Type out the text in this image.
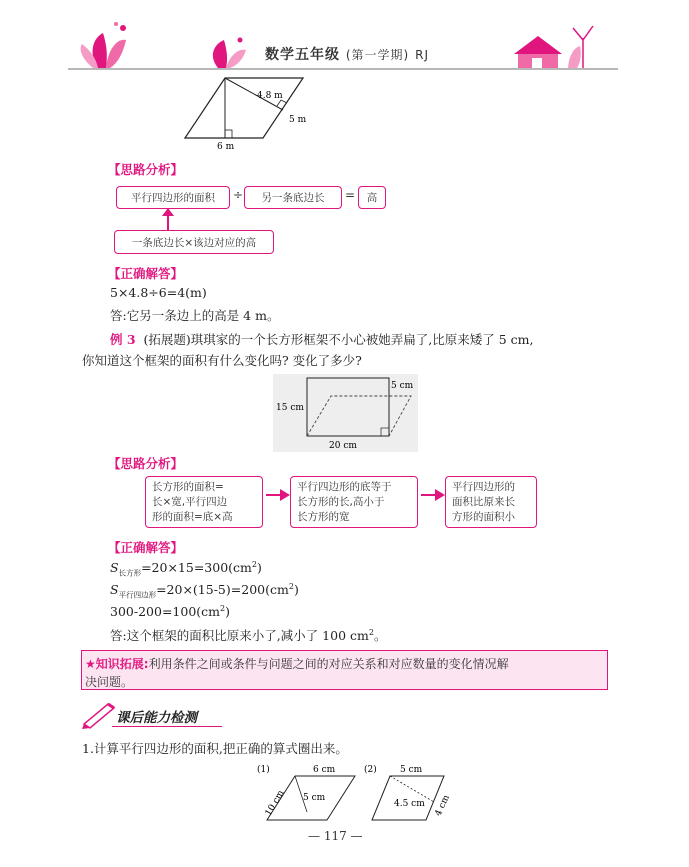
数学五年级 (第一学期) RJ
4.8 m
5 m
6 m
【思路分析】
平行四边形的面积	÷	另一条底边长	=	高
一条底边长×该边对应的高
【正确解答】
5×4.8÷6=4(m)
答:它另一条边上的高是 4 m。
例 3 (拓展题)琪琪家的一个长方形框架不小心被她弄扁了,比原来矮了 5 cm,
你知道这个框架的面积有什么变化吗? 变化了多少?
5 cm
15 cm
20 cm
【思路分析】
长方形的面积=
长×宽,平行四边
形的面积=底×高
平行四边形的底等于
长方形的长,高小于
长方形的宽
平行四边形的
面积比原来长
方形的面积小
【正确解答】
$S_{长方形}=20\times 15=300(cm^2)$
$S_{平行四边形}=20\times(15-5)=200(cm^2)$
$300-200=100(cm^2)$
答:这个框架的面积比原来小了,减小了 100 $cm^2$。
★知识拓展:利用条件之间或条件与问题之间的对应关系和对应数量的变化情况解
决问题。
课后能力检测
1.计算平行四边形的面积,把正确的算式圈出来。
(1)	6 cm
10 cm 5 cm
(2)	5 cm
4.5 cm 4 cm
— 117 —
